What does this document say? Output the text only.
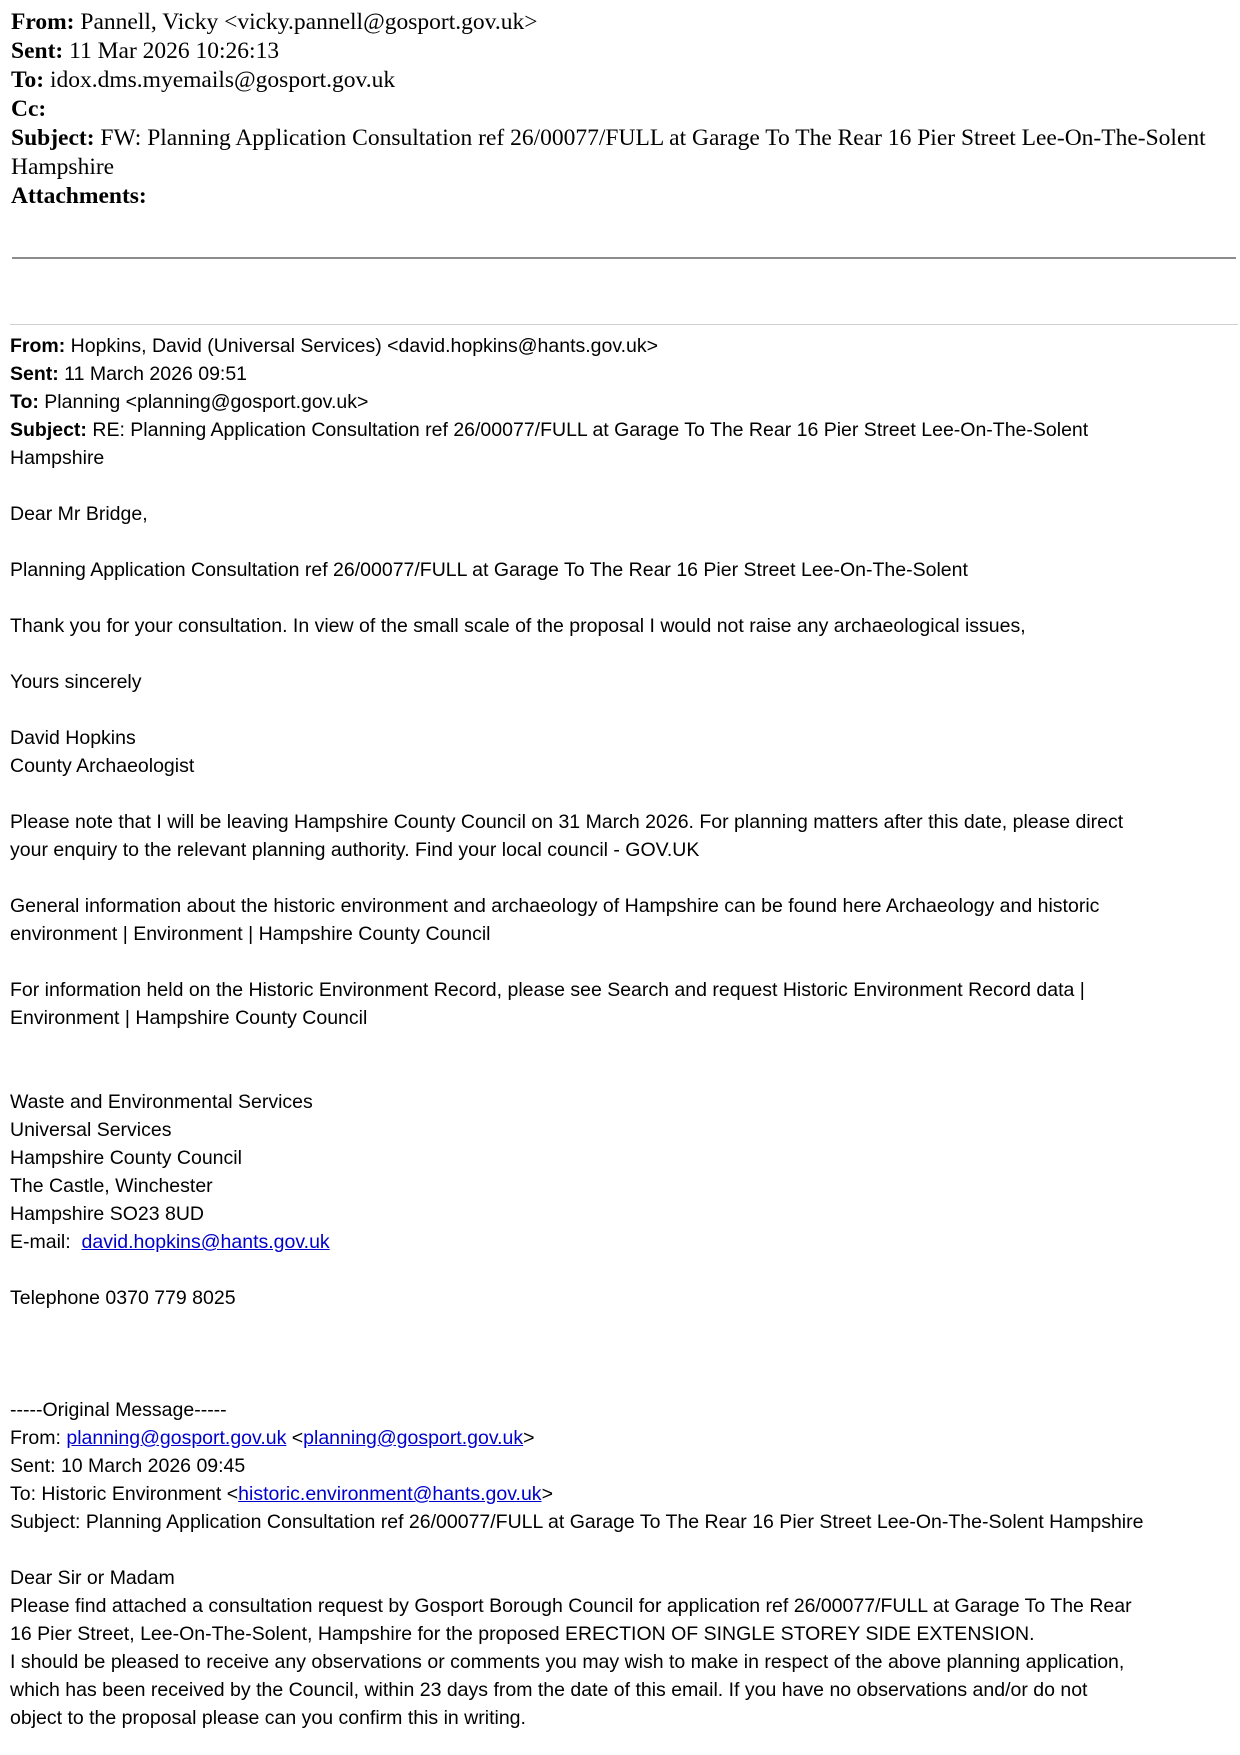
From: Pannell, Vicky <vicky.pannell@gosport.gov.uk>
Sent: 11 Mar 2026 10:26:13
To: idox.dms.myemails@gosport.gov.uk
Cc:
Subject: FW: Planning Application Consultation ref 26/00077/FULL at Garage To The Rear 16 Pier Street Lee-On-The-Solent Hampshire
Attachments:
From: Hopkins, David (Universal Services) <david.hopkins@hants.gov.uk>
Sent: 11 March 2026 09:51
To: Planning <planning@gosport.gov.uk>
Subject: RE: Planning Application Consultation ref 26/00077/FULL at Garage To The Rear 16 Pier Street Lee-On-The-Solent
Hampshire
Dear Mr Bridge,
Planning Application Consultation ref 26/00077/FULL at Garage To The Rear 16 Pier Street Lee-On-The-Solent
Thank you for your consultation. In view of the small scale of the proposal I would not raise any archaeological issues,
Yours sincerely
David Hopkins
County Archaeologist
Please note that I will be leaving Hampshire County Council on 31 March 2026. For planning matters after this date, please direct
your enquiry to the relevant planning authority. Find your local council - GOV.UK
General information about the historic environment and archaeology of Hampshire can be found here Archaeology and historic
environment | Environment | Hampshire County Council
For information held on the Historic Environment Record, please see Search and request Historic Environment Record data |
Environment | Hampshire County Council
Waste and Environmental Services
Universal Services
Hampshire County Council
The Castle, Winchester
Hampshire SO23 8UD
E-mail:  david.hopkins@hants.gov.uk
Telephone 0370 779 8025
-----Original Message-----
From: planning@gosport.gov.uk <planning@gosport.gov.uk>
Sent: 10 March 2026 09:45
To: Historic Environment <historic.environment@hants.gov.uk>
Subject: Planning Application Consultation ref 26/00077/FULL at Garage To The Rear 16 Pier Street Lee-On-The-Solent Hampshire
Dear Sir or Madam
Please find attached a consultation request by Gosport Borough Council for application ref 26/00077/FULL at Garage To The Rear
16 Pier Street, Lee-On-The-Solent, Hampshire for the proposed ERECTION OF SINGLE STOREY SIDE EXTENSION.
I should be pleased to receive any observations or comments you may wish to make in respect of the above planning application,
which has been received by the Council, within 23 days from the date of this email. If you have no observations and/or do not
object to the proposal please can you confirm this in writing.
